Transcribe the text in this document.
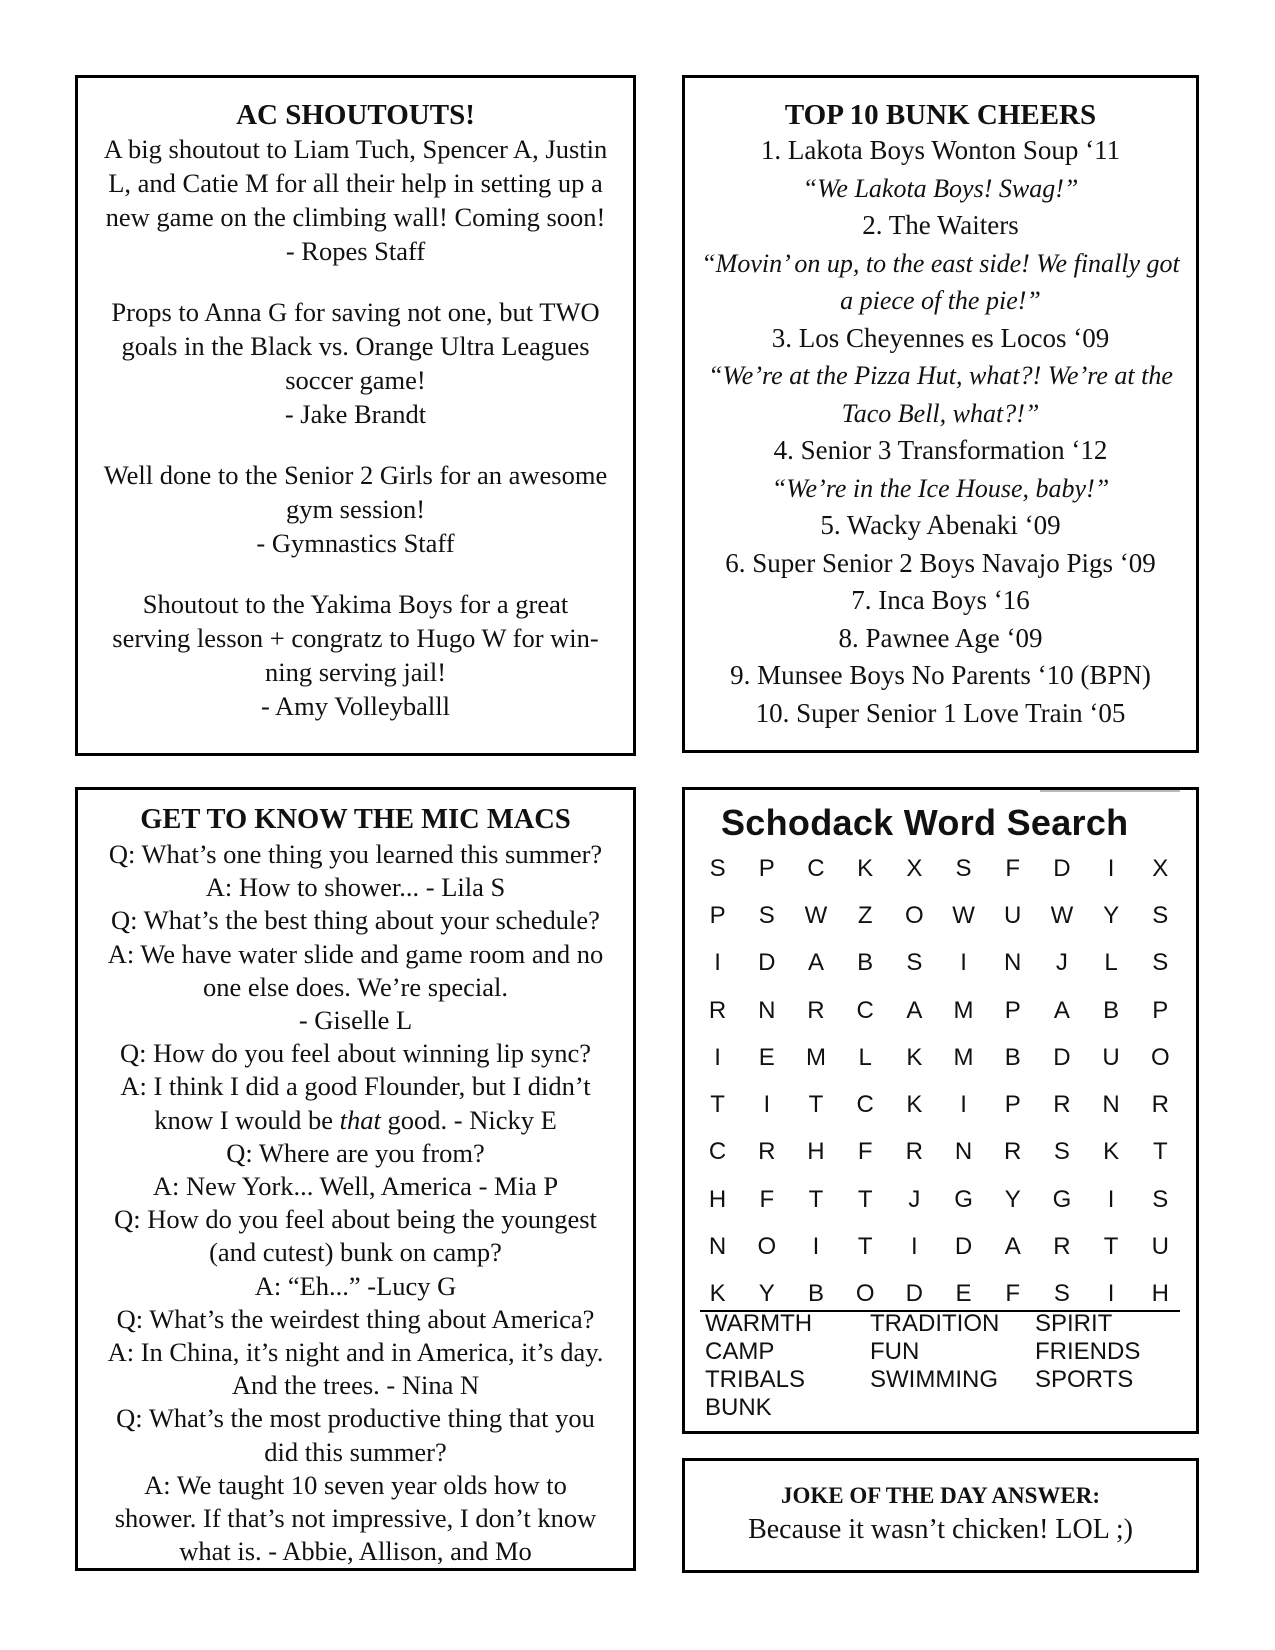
AC SHOUTOUTS!

A big shoutout to Liam Tuch, Spencer A, Justin

L, and Catie M for all their help in setting up a

new game on the climbing wall! Coming soon!

- Ropes Staff

Props to Anna G for saving not one, but TWO

goals in the Black vs. Orange Ultra Leagues

soccer game!

- Jake Brandt

Well done to the Senior 2 Girls for an awesome

gym session!

- Gymnastics Staff

Shoutout to the Yakima Boys for a great

serving lesson + congratz to Hugo W for win-

ning serving jail!

- Amy Volleyballl

TOP 10 BUNK CHEERS
1. Lakota Boys Wonton Soup ‘11
“We Lakota Boys! Swag!”
2. The Waiters
“Movin’ on up, to the east side! We finally got
a piece of the pie!”
3. Los Cheyennes es Locos ‘09
“We’re at the Pizza Hut, what?! We’re at the
Taco Bell, what?!”
4. Senior 3 Transformation ‘12
“We’re in the Ice House, baby!”
5. Wacky Abenaki ‘09
6. Super Senior 2 Boys Navajo Pigs ‘09
7. Inca Boys ‘16
8. Pawnee Age ‘09
9. Munsee Boys No Parents ‘10 (BPN)
10. Super Senior 1 Love Train ‘05
GET TO KNOW THE MIC MACS
Q: What’s one thing you learned this summer?
A: How to shower... - Lila S
Q: What’s the best thing about your schedule?
A: We have water slide and game room and no
one else does. We’re special.
- Giselle L
Q: How do you feel about winning lip sync?
A: I think I did a good Flounder, but I didn’t
know I would be that good. - Nicky E
Q: Where are you from?
A: New York... Well, America - Mia P
Q: How do you feel about being the youngest
(and cutest) bunk on camp?
A: “Eh...” -Lucy G
Q: What’s the weirdest thing about America?
A: In China, it’s night and in America, it’s day.
And the trees. - Nina N
Q: What’s the most productive thing that you
did this summer?
A: We taught 10 seven year olds how to
shower. If that’s not impressive, I don’t know
what is. - Abbie, Allison, and Mo
Schodack Word Search
S	P	C	K	X	S	F	D	I	X
P	S	W	Z	O	W	U	W	Y	S
I	D	A	B	S	I	N	J	L	S
R	N	R	C	A	M	P	A	B	P
I	E	M	L	K	M	B	D	U	O
T	I	T	C	K	I	P	R	N	R
C	R	H	F	R	N	R	S	K	T
H	F	T	T	J	G	Y	G	I	S
N	O	I	T	I	D	A	R	T	U
K	Y	B	O	D	E	F	S	I	H
WARMTH	TRADITION	SPIRIT
CAMP	FUN	FRIENDS
TRIBALS	SWIMMING	SPORTS
BUNK
JOKE OF THE DAY ANSWER:
Because it wasn’t chicken! LOL ;)
